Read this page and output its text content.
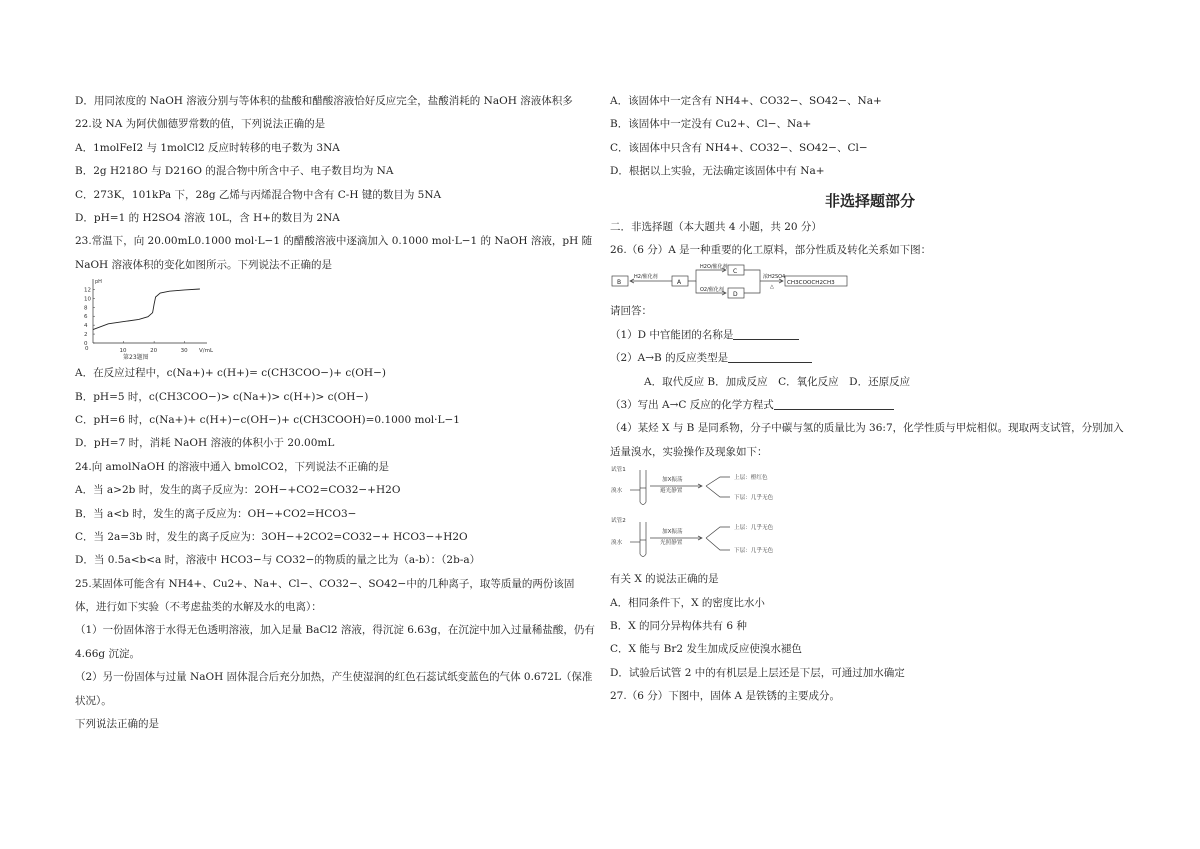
D．用同浓度的 NaOH 溶液分别与等体积的盐酸和醋酸溶液恰好反应完全，盐酸消耗的 NaOH 溶液体积多
22.设 NA 为阿伏伽德罗常数的值，下列说法正确的是
A．1molFeI2 与 1molCl2 反应时转移的电子数为 3NA
B．2g H218O 与 D216O 的混合物中所含中子、电子数目均为 NA
C．273K，101kPa 下，28g 乙烯与丙烯混合物中含有 C-H 键的数目为 5NA
D．pH=1 的 H2SO4 溶液 10L，含 H+的数目为 2NA
23.常温下，向 20.00mL0.1000 mol·L−1 的醋酸溶液中逐滴加入 0.1000 mol·L−1 的 NaOH 溶液，pH 随 NaOH 溶液体积的变化如图所示。下列说法不正确的是
pH
V/mL
12
10
8
6
4
2
0
10	20	30
0
第23题图
A．在反应过程中，c(Na+)+ c(H+)= c(CH3COO−)+ c(OH−)
B．pH=5 时，c(CH3COO−)> c(Na+)> c(H+)> c(OH−)
C．pH=6 时，c(Na+)+ c(H+)−c(OH−)+ c(CH3COOH)=0.1000 mol·L−1
D．pH=7 时，消耗 NaOH 溶液的体积小于 20.00mL
24.向 amolNaOH 的溶液中通入 bmolCO2，下列说法不正确的是
A．当 a>2b 时，发生的离子反应为：2OH−+CO2=CO32−+H2O
B．当 a<b 时，发生的离子反应为：OH−+CO2=HCO3−
C．当 2a=3b 时，发生的离子反应为：3OH−+2CO2=CO32−+ HCO3−+H2O
D．当 0.5a<b<a 时，溶液中 HCO3−与 CO32−的物质的量之比为（a-b）：（2b-a）
25.某固体可能含有 NH4+、Cu2+、Na+、Cl−、CO32−、SO42−中的几种离子，取等质量的两份该固体，进行如下实验（不考虑盐类的水解及水的电离）：
（1）一份固体溶于水得无色透明溶液，加入足量 BaCl2 溶液，得沉淀 6.63g，在沉淀中加入过量稀盐酸，仍有 4.66g 沉淀。
（2）另一份固体与过量 NaOH 固体混合后充分加热，产生使湿润的红色石蕊试纸变蓝色的气体 0.672L（保准状况）。
下列说法正确的是
A．该固体中一定含有 NH4+、CO32−、SO42−、Na+
B．该固体中一定没有 Cu2+、Cl−、Na+
C．该固体中只含有 NH4+、CO32−、SO42−、Cl−
D．根据以上实验，无法确定该固体中有 Na+
非选择题部分
二．非选择题（本大题共 4 小题，共 20 分）
26.（6 分）A 是一种重要的化工原料，部分性质及转化关系如下图：
B	A
C
D
CH3COOCH2CH3
H2/催化剂
H2O/催化剂
O2/催化剂
浓H2SO4
△
请回答：
（1）D 中官能团的名称是
（2）A→B 的反应类型是
A．取代反应 B．加成反应　C．氧化反应　D．还原反应
（3）写出 A→C 反应的化学方程式
（4）某烃 X 与 B 是同系物，分子中碳与氢的质量比为 36:7，化学性质与甲烷相似。现取两支试管，分别加入适量溴水，实验操作及现象如下：
试管1
溴水
试管2
溴水
加X振荡
避光静置
加X振荡
光照静置
上层：橙红色
下层：几乎无色
上层：几乎无色
下层：几乎无色
有关 X 的说法正确的是
A．相同条件下，X 的密度比水小
B．X 的同分异构体共有 6 种
C．X 能与 Br2 发生加成反应使溴水褪色
D．试验后试管 2 中的有机层是上层还是下层，可通过加水确定
27.（6 分）下图中，固体 A 是铁锈的主要成分。
